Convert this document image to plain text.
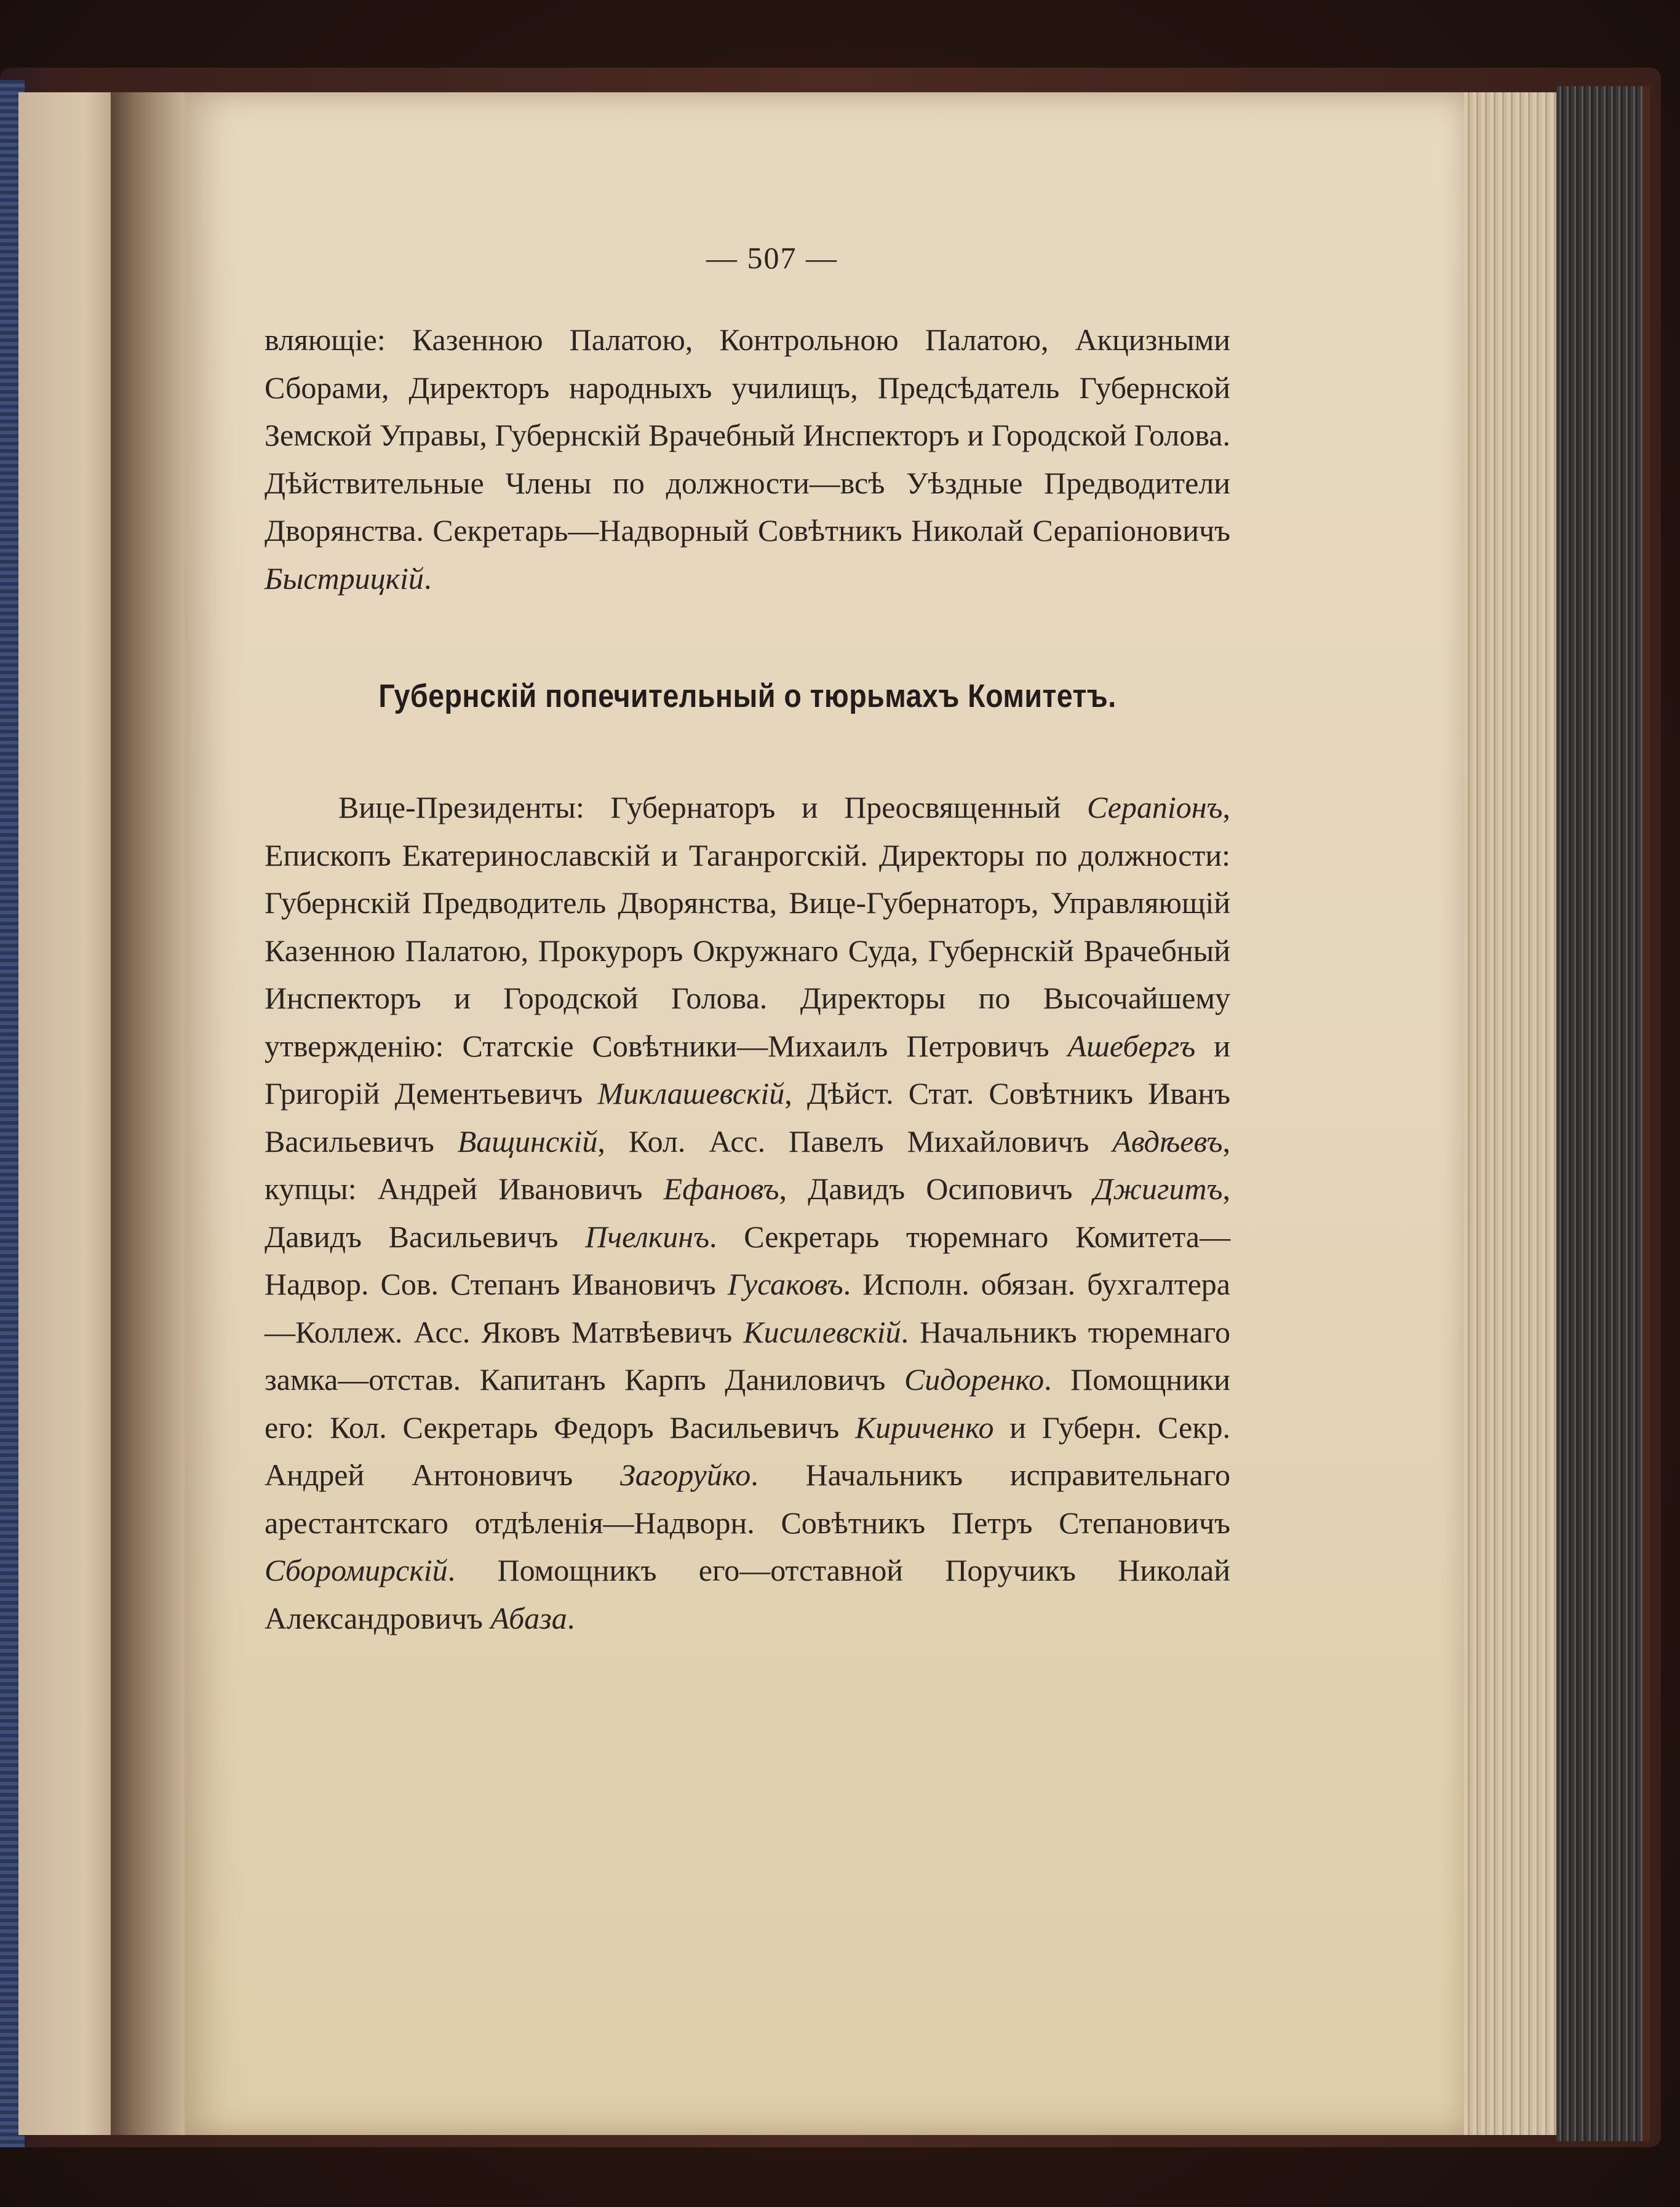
— 507 —

вляющіе: Казенною Палатою, Контрольною Палатою, Акцизными Сборами, Директоръ народныхъ училищъ, Предсѣдатель Губернской Земской Управы, Губернскій Врачебный Инспекторъ и Городской Голова. Дѣйствительные Члены по должности—всѣ Уѣздные Предводители Дворянства. Секретарь—Надворный Совѣтникъ Николай Серапіоновичъ Быстрицкій.

Губернскій попечительный о тюрьмахъ Комитетъ.

Вице-Президенты: Губернаторъ и Преосвященный Серапіонъ, Епископъ Екатеринославскій и Таганрогскій. Директоры по должности: Губернскій Предводитель Дворянства, Вице-Губернаторъ, Управляющій Казенною Палатою, Прокуроръ Окружнаго Суда, Губернскій Врачебный Инспекторъ и Городской Голова. Директоры по Высочайшему утвержденію: Статскіе Совѣтники—Михаилъ Петровичъ Ашебергъ и Григорій Дементьевичъ Миклашевскій, Дѣйст. Стат. Совѣтникъ Иванъ Васильевичъ Ващинскій, Кол. Асс. Павелъ Михайловичъ Авдѣевъ, купцы: Андрей Ивановичъ Ефановъ, Давидъ Осиповичъ Джигитъ, Давидъ Васильевичъ Пчелкинъ. Секретарь тюремнаго Комитета—Надвор. Сов. Степанъ Ивановичъ Гусаковъ. Исполн. обязан. бухгалтера—Коллеж. Асс. Яковъ Матвѣевичъ Кисилевскій. Начальникъ тюремнаго замка—отстав. Капитанъ Карпъ Даниловичъ Сидоренко. Помощники его: Кол. Секретарь Федоръ Васильевичъ Кириченко и Губерн. Секр. Андрей Антоновичъ Загоруйко. Начальникъ исправительнаго арестантскаго отдѣленія—Надворн. Совѣтникъ Петръ Степановичъ Сборомирскій. Помощникъ его—отставной Поручикъ Николай Александровичъ Абаза.
